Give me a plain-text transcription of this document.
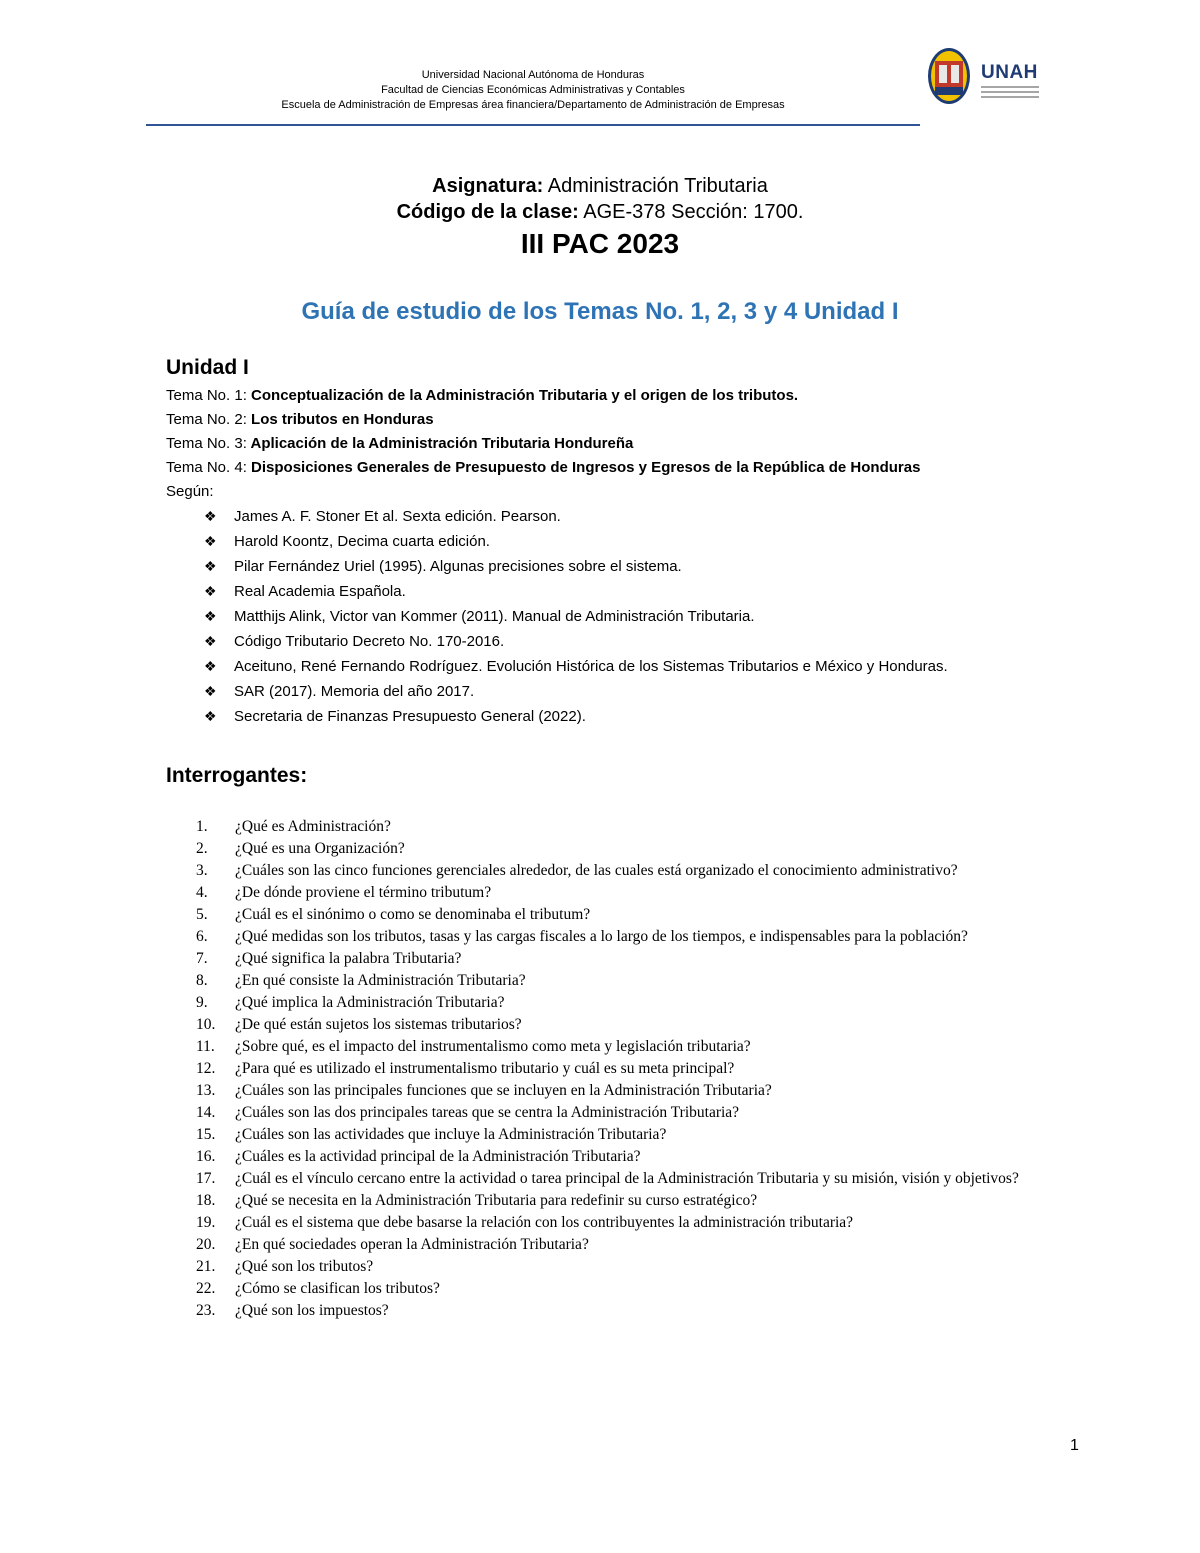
Universidad Nacional Autónoma de Honduras
Facultad de Ciencias Económicas Administrativas y Contables
Escuela de Administración de Empresas área financiera/Departamento de Administración de Empresas
UNAH
Asignatura: Administración Tributaria
Código de la clase: AGE-378 Sección: 1700.
III PAC 2023
Guía de estudio de los Temas No. 1, 2, 3 y 4 Unidad I
Unidad I
Tema No. 1: Conceptualización de la Administración Tributaria y el origen de los tributos.
Tema No. 2: Los tributos en Honduras
Tema No. 3: Aplicación de la Administración Tributaria Hondureña
Tema No. 4: Disposiciones Generales de Presupuesto de Ingresos y Egresos de la República de Honduras
Según:
❖	James A. F. Stoner Et al. Sexta edición. Pearson.
❖	Harold Koontz, Decima cuarta edición.
❖	Pilar Fernández Uriel (1995). Algunas precisiones sobre el sistema.
❖	Real Academia Española.
❖	Matthijs Alink, Victor van Kommer (2011). Manual de Administración Tributaria.
❖	Código Tributario Decreto No. 170-2016.
❖	Aceituno, René Fernando Rodríguez. Evolución Histórica de los Sistemas Tributarios e México y Honduras.
❖	SAR (2017). Memoria del año 2017.
❖	Secretaria de Finanzas Presupuesto General (2022).
Interrogantes:
1.	¿Qué es Administración?
2.	¿Qué es una Organización?
3.	¿Cuáles son las cinco funciones gerenciales alrededor, de las cuales está organizado el conocimiento administrativo?
4.	¿De dónde proviene el término tributum?
5.	¿Cuál es el sinónimo o como se denominaba el tributum?
6.	¿Qué medidas son los tributos, tasas y las cargas fiscales a lo largo de los tiempos, e indispensables para la población?
7.	¿Qué significa la palabra Tributaria?
8.	¿En qué consiste la Administración Tributaria?
9.	¿Qué implica la Administración Tributaria?
10.	¿De qué están sujetos los sistemas tributarios?
11.	¿Sobre qué, es el impacto del instrumentalismo como meta y legislación tributaria?
12.	¿Para qué es utilizado el instrumentalismo tributario y cuál es su meta principal?
13.	¿Cuáles son las principales funciones que se incluyen en la Administración Tributaria?
14.	¿Cuáles son las dos principales tareas que se centra la Administración Tributaria?
15.	¿Cuáles son las actividades que incluye la Administración Tributaria?
16.	¿Cuáles es la actividad principal de la Administración Tributaria?
17.	¿Cuál es el vínculo cercano entre la actividad o tarea principal de la Administración Tributaria y su misión, visión y objetivos?
18.	¿Qué se necesita en la Administración Tributaria para redefinir su curso estratégico?
19.	¿Cuál es el sistema que debe basarse la relación con los contribuyentes la administración tributaria?
20.	¿En qué sociedades operan la Administración Tributaria?
21.	¿Qué son los tributos?
22.	¿Cómo se clasifican los tributos?
23.	¿Qué son los impuestos?
1
